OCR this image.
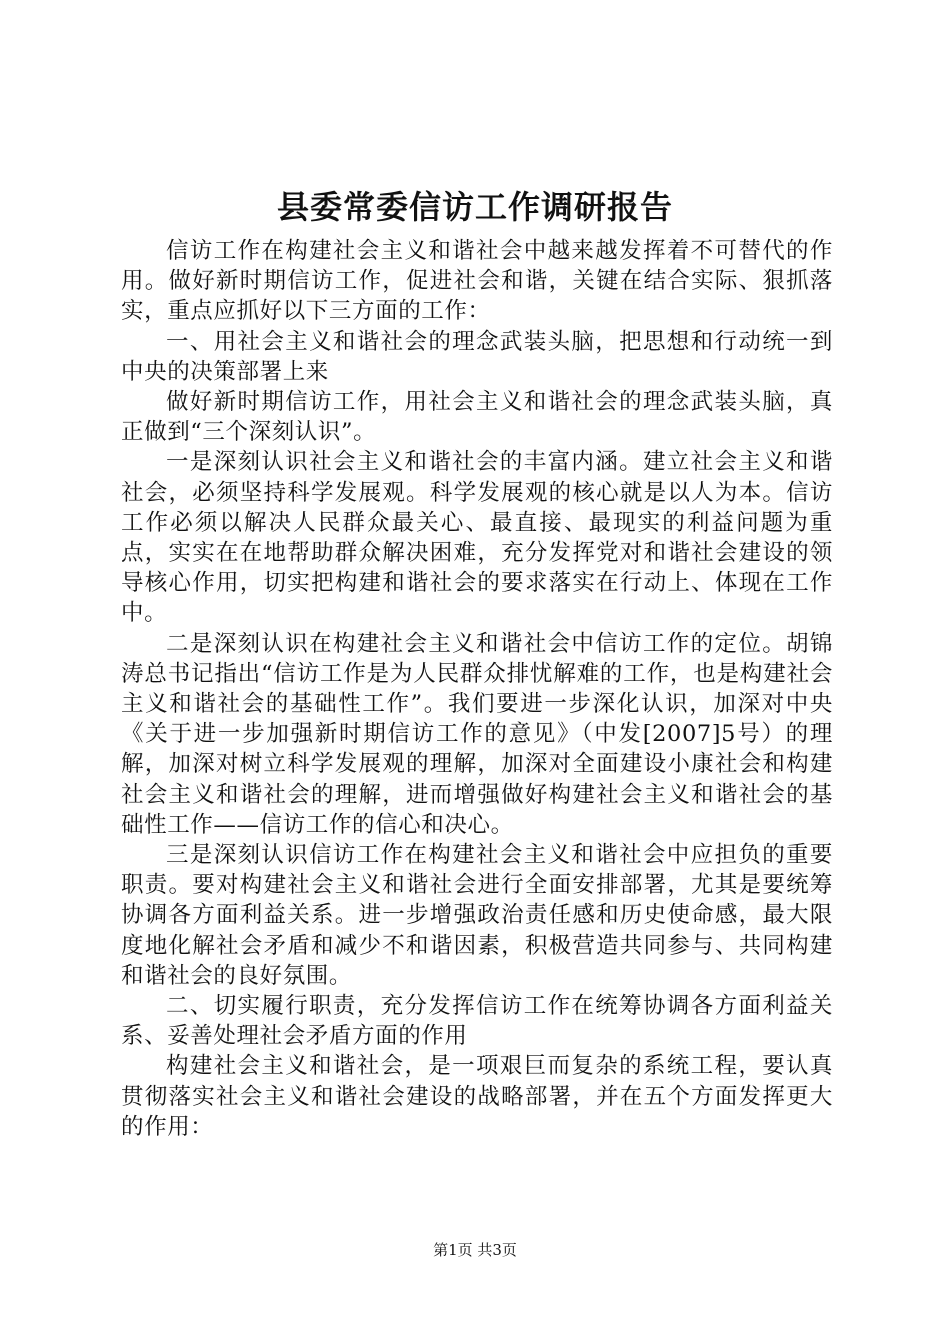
县委常委信访工作调研报告

信访工作在构建社会主义和谐社会中越来越发挥着不可替代的作用。做好新时期信访工作，促进社会和谐，关键在结合实际、狠抓落实，重点应抓好以下三方面的工作：

一、用社会主义和谐社会的理念武装头脑，把思想和行动统一到中央的决策部署上来

做好新时期信访工作，用社会主义和谐社会的理念武装头脑，真正做到“三个深刻认识”。

一是深刻认识社会主义和谐社会的丰富内涵。建立社会主义和谐社会，必须坚持科学发展观。科学发展观的核心就是以人为本。信访工作必须以解决人民群众最关心、最直接、最现实的利益问题为重点，实实在在地帮助群众解决困难，充分发挥党对和谐社会建设的领导核心作用，切实把构建和谐社会的要求落实在行动上、体现在工作中。

二是深刻认识在构建社会主义和谐社会中信访工作的定位。胡锦涛总书记指出“信访工作是为人民群众排忧解难的工作，也是构建社会主义和谐社会的基础性工作”。我们要进一步深化认识，加深对中央《关于进一步加强新时期信访工作的意见》（中发[2007]5号）的理解，加深对树立科学发展观的理解，加深对全面建设小康社会和构建社会主义和谐社会的理解，进而增强做好构建社会主义和谐社会的基础性工作——信访工作的信心和决心。

三是深刻认识信访工作在构建社会主义和谐社会中应担负的重要职责。要对构建社会主义和谐社会进行全面安排部署，尤其是要统筹协调各方面利益关系。进一步增强政治责任感和历史使命感，最大限度地化解社会矛盾和减少不和谐因素，积极营造共同参与、共同构建和谐社会的良好氛围。

二、切实履行职责，充分发挥信访工作在统筹协调各方面利益关系、妥善处理社会矛盾方面的作用

构建社会主义和谐社会，是一项艰巨而复杂的系统工程，要认真贯彻落实社会主义和谐社会建设的战略部署，并在五个方面发挥更大的作用：

第1页 共3页
